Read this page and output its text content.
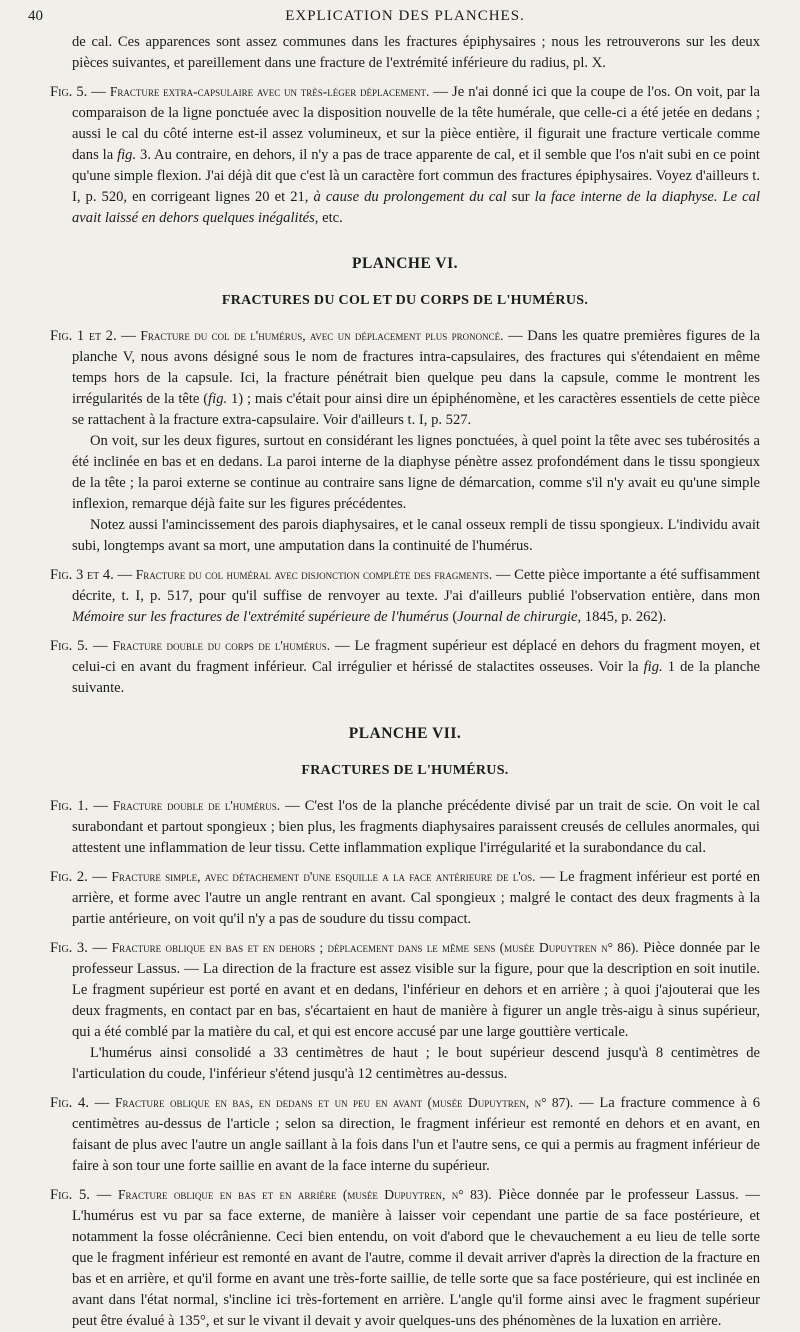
40	EXPLICATION DES PLANCHES.

de cal. Ces apparences sont assez communes dans les fractures épiphysaires ; nous les retrouverons sur les deux pièces suivantes, et pareillement dans une fracture de l'extrémité inférieure du radius, pl. X.

Fig. 5. — Fracture extra-capsulaire avec un très-léger déplacement. — Je n'ai donné ici que la coupe de l'os. On voit, par la comparaison de la ligne ponctuée avec la disposition nouvelle de la tête humérale, que celle-ci a été jetée en dedans ; aussi le cal du côté interne est-il assez volumineux, et sur la pièce entière, il figurait une fracture verticale comme dans la fig. 3. Au contraire, en dehors, il n'y a pas de trace apparente de cal, et il semble que l'os n'ait subi en ce point qu'une simple flexion. J'ai déjà dit que c'est là un caractère fort commun des fractures épiphysaires. Voyez d'ailleurs t. I, p. 520, en corrigeant lignes 20 et 21, à cause du prolongement du cal sur la face interne de la diaphyse. Le cal avait laissé en dehors quelques inégalités, etc.

PLANCHE VI.
FRACTURES DU COL ET DU CORPS DE L'HUMÉRUS.

Fig. 1 et 2. — Fracture du col de l'humérus, avec un déplacement plus prononcé. — Dans les quatre premières figures de la planche V, nous avons désigné sous le nom de fractures intra-capsulaires, des fractures qui s'étendaient en même temps hors de la capsule. Ici, la fracture pénétrait bien quelque peu dans la capsule, comme le montrent les irrégularités de la tête (fig. 1) ; mais c'était pour ainsi dire un épiphénomène, et les caractères essentiels de cette pièce se rattachent à la fracture extra-capsulaire. Voir d'ailleurs t. I, p. 527.

On voit, sur les deux figures, surtout en considérant les lignes ponctuées, à quel point la tête avec ses tubérosités a été inclinée en bas et en dedans. La paroi interne de la diaphyse pénètre assez profondément dans le tissu spongieux de la tête ; la paroi externe se continue au contraire sans ligne de démarcation, comme s'il n'y avait eu qu'une simple inflexion, remarque déjà faite sur les figures précédentes.

Notez aussi l'amincissement des parois diaphysaires, et le canal osseux rempli de tissu spongieux. L'individu avait subi, longtemps avant sa mort, une amputation dans la continuité de l'humérus.

Fig. 3 et 4. — Fracture du col huméral avec disjonction complète des fragments. — Cette pièce importante a été suffisamment décrite, t. I, p. 517, pour qu'il suffise de renvoyer au texte. J'ai d'ailleurs publié l'observation entière, dans mon Mémoire sur les fractures de l'extrémité supérieure de l'humérus (Journal de chirurgie, 1845, p. 262).

Fig. 5. — Fracture double du corps de l'humérus. — Le fragment supérieur est déplacé en dehors du fragment moyen, et celui-ci en avant du fragment inférieur. Cal irrégulier et hérissé de stalactites osseuses. Voir la fig. 1 de la planche suivante.

PLANCHE VII.
FRACTURES DE L'HUMÉRUS.

Fig. 1. — Fracture double de l'humérus. — C'est l'os de la planche précédente divisé par un trait de scie. On voit le cal surabondant et partout spongieux ; bien plus, les fragments diaphysaires paraissent creusés de cellules anormales, qui attestent une inflammation de leur tissu. Cette inflammation explique l'irrégularité et la surabondance du cal.

Fig. 2. — Fracture simple, avec détachement d'une esquille a la face antérieure de l'os. — Le fragment inférieur est porté en arrière, et forme avec l'autre un angle rentrant en avant. Cal spongieux ; malgré le contact des deux fragments à la partie antérieure, on voit qu'il n'y a pas de soudure du tissu compact.

Fig. 3. — Fracture oblique en bas et en dehors ; déplacement dans le même sens (musée Dupuytren n° 86). Pièce donnée par le professeur Lassus. — La direction de la fracture est assez visible sur la figure, pour que la description en soit inutile. Le fragment supérieur est porté en avant et en dedans, l'inférieur en dehors et en arrière ; à quoi j'ajouterai que les deux fragments, en contact par en bas, s'écartaient en haut de manière à figurer un angle très-aigu à sinus supérieur, qui a été comblé par la matière du cal, et qui est encore accusé par une large gouttière verticale.

L'humérus ainsi consolidé a 33 centimètres de haut ; le bout supérieur descend jusqu'à 8 centimètres de l'articulation du coude, l'inférieur s'étend jusqu'à 12 centimètres au-dessus.

Fig. 4. — Fracture oblique en bas, en dedans et un peu en avant (musée Dupuytren, n° 87). — La fracture commence à 6 centimètres au-dessus de l'article ; selon sa direction, le fragment inférieur est remonté en dehors et en avant, en faisant de plus avec l'autre un angle saillant à la fois dans l'un et l'autre sens, ce qui a permis au fragment inférieur de faire à son tour une forte saillie en avant de la face interne du supérieur.

Fig. 5. — Fracture oblique en bas et en arrière (musée Dupuytren, n° 83). Pièce donnée par le professeur Lassus. — L'humérus est vu par sa face externe, de manière à laisser voir cependant une partie de sa face postérieure, et notamment la fosse olécrânienne. Ceci bien entendu, on voit d'abord que le chevauchement a eu lieu de telle sorte que le fragment inférieur est remonté en avant de l'autre, comme il devait arriver d'après la direction de la fracture en bas et en arrière, et qu'il forme en avant une très-forte saillie, de telle sorte que sa face postérieure, qui est inclinée en avant dans l'état normal, s'incline ici très-fortement en arrière. L'angle qu'il forme ainsi avec le fragment supérieur peut être évalué à 135°, et sur le vivant il devait y avoir quelques-uns des phénomènes de la luxation en arrière.
